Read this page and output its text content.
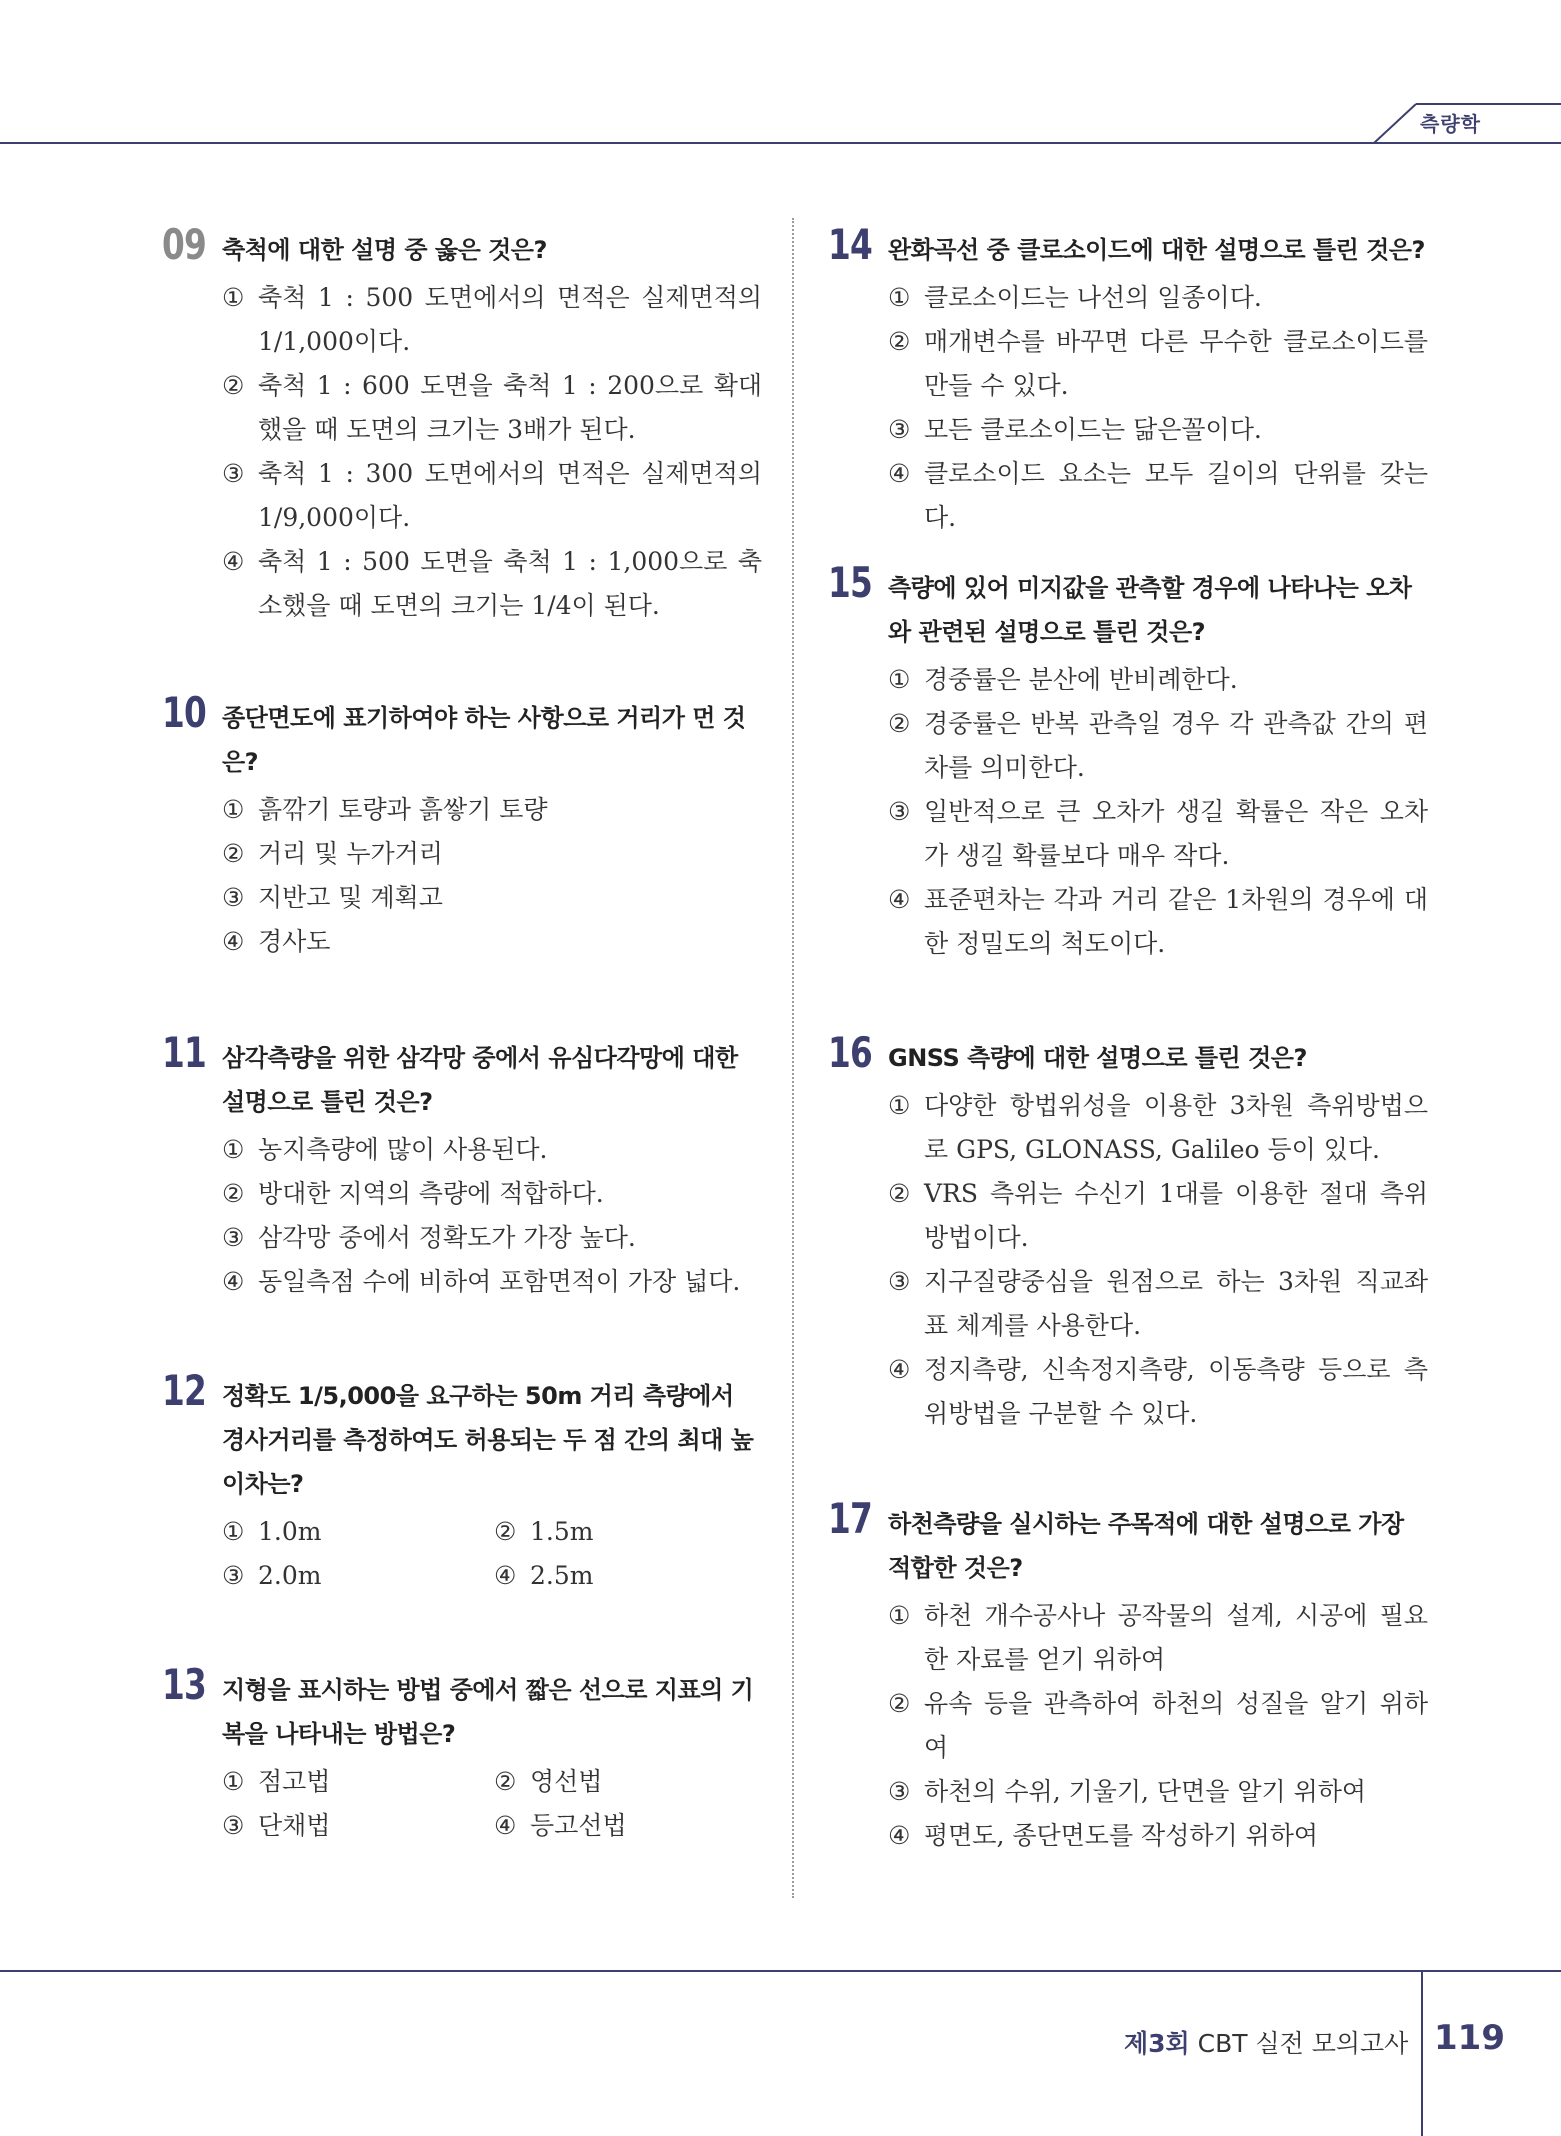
측량학
09 축척에 대한 설명 중 옳은 것은?
① 축척 1 : 500 도면에서의 면적은 실제면적의 1/1,000이다.
② 축척 1 : 600 도면을 축척 1 : 200으로 확대했을 때 도면의 크기는 3배가 된다.
③ 축척 1 : 300 도면에서의 면적은 실제면적의 1/9,000이다.
④ 축척 1 : 500 도면을 축척 1 : 1,000으로 축소했을 때 도면의 크기는 1/4이 된다.
10 종단면도에 표기하여야 하는 사항으로 거리가 먼 것은?
① 흙깎기 토량과 흙쌓기 토량
② 거리 및 누가거리
③ 지반고 및 계획고
④ 경사도
11 삼각측량을 위한 삼각망 중에서 유심다각망에 대한 설명으로 틀린 것은?
① 농지측량에 많이 사용된다.
② 방대한 지역의 측량에 적합하다.
③ 삼각망 중에서 정확도가 가장 높다.
④ 동일측점 수에 비하여 포함면적이 가장 넓다.
12 정확도 1/5,000을 요구하는 50m 거리 측량에서 경사거리를 측정하여도 허용되는 두 점 간의 최대 높이차는?
① 1.0m	② 1.5m
③ 2.0m	④ 2.5m
13 지형을 표시하는 방법 중에서 짧은 선으로 지표의 기복을 나타내는 방법은?
① 점고법	② 영선법
③ 단채법	④ 등고선법
14 완화곡선 중 클로소이드에 대한 설명으로 틀린 것은?
① 클로소이드는 나선의 일종이다.
② 매개변수를 바꾸면 다른 무수한 클로소이드를 만들 수 있다.
③ 모든 클로소이드는 닮은꼴이다.
④ 클로소이드 요소는 모두 길이의 단위를 갖는다.
15 측량에 있어 미지값을 관측할 경우에 나타나는 오차와 관련된 설명으로 틀린 것은?
① 경중률은 분산에 반비례한다.
② 경중률은 반복 관측일 경우 각 관측값 간의 편차를 의미한다.
③ 일반적으로 큰 오차가 생길 확률은 작은 오차가 생길 확률보다 매우 작다.
④ 표준편차는 각과 거리 같은 1차원의 경우에 대한 정밀도의 척도이다.
16 GNSS 측량에 대한 설명으로 틀린 것은?
① 다양한 항법위성을 이용한 3차원 측위방법으로 GPS, GLONASS, Galileo 등이 있다.
② VRS 측위는 수신기 1대를 이용한 절대 측위 방법이다.
③ 지구질량중심을 원점으로 하는 3차원 직교좌표 체계를 사용한다.
④ 정지측량, 신속정지측량, 이동측량 등으로 측위방법을 구분할 수 있다.
17 하천측량을 실시하는 주목적에 대한 설명으로 가장 적합한 것은?
① 하천 개수공사나 공작물의 설계, 시공에 필요한 자료를 얻기 위하여
② 유속 등을 관측하여 하천의 성질을 알기 위하여
③ 하천의 수위, 기울기, 단면을 알기 위하여
④ 평면도, 종단면도를 작성하기 위하여
제3회 CBT 실전 모의고사 119
